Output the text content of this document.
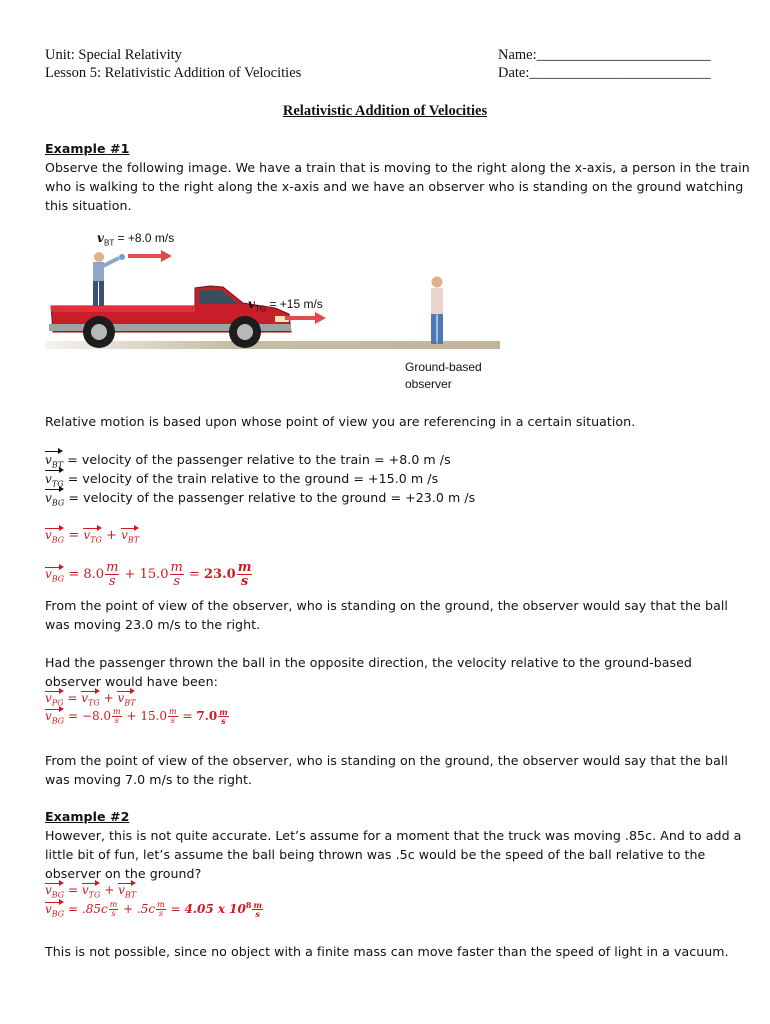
Unit: Special Relativity
Lesson 5: Relativistic Addition of Velocities
Name:________________________
Date:_________________________
Relativistic Addition of Velocities
Example #1
Observe the following image. We have a train that is moving to the right along the x-axis, a person in the train
who is walking to the right along the x-axis and we have an observer who is standing on the ground watching
this situation.
$v_{BT} = +8.0$ m/s
$v_{TG} = +15$ m/s
Ground-based
observer
Relative motion is based upon whose point of view you are referencing in a certain situation.
$v_{BT}$ = velocity of the passenger relative to the train = +8.0 m /s
$v_{TG}$ = velocity of the train relative to the ground = +15.0 m /s
$v_{BG}$ = velocity of the passenger relative to the ground = +23.0 m /s
$v_{BG} = v_{TG} + v_{BT}$
$v_{BG} = 8.0 \frac{m}{s} + 15.0 \frac{m}{s} = 23.0 \frac{m}{s}$
From the point of view of the observer, who is standing on the ground, the observer would say that the ball
was moving 23.0 m/s to the right.
Had the passenger thrown the ball in the opposite direction, the velocity relative to the ground-based
observer would have been:
$v_{PG} = v_{TG} + v_{BT}$
$v_{BG} = -8.0 \frac{m}{s} + 15.0 \frac{m}{s} = 7.0 \frac{m}{s}$
From the point of view of the observer, who is standing on the ground, the observer would say that the ball
was moving 7.0 m/s to the right.
Example #2
However, this is not quite accurate. Let’s assume for a moment that the truck was moving .85c. And to add a
little bit of fun, let’s assume the ball being thrown was .5c would be the speed of the ball relative to the
observer on the ground?
$v_{BG} = v_{TG} + v_{BT}$
$v_{BG} = .85c \frac{m}{s} + .5c \frac{m}{s} = 4.05$ x $10^8 \frac{m}{s}$
This is not possible, since no object with a finite mass can move faster than the speed of light in a vacuum.
